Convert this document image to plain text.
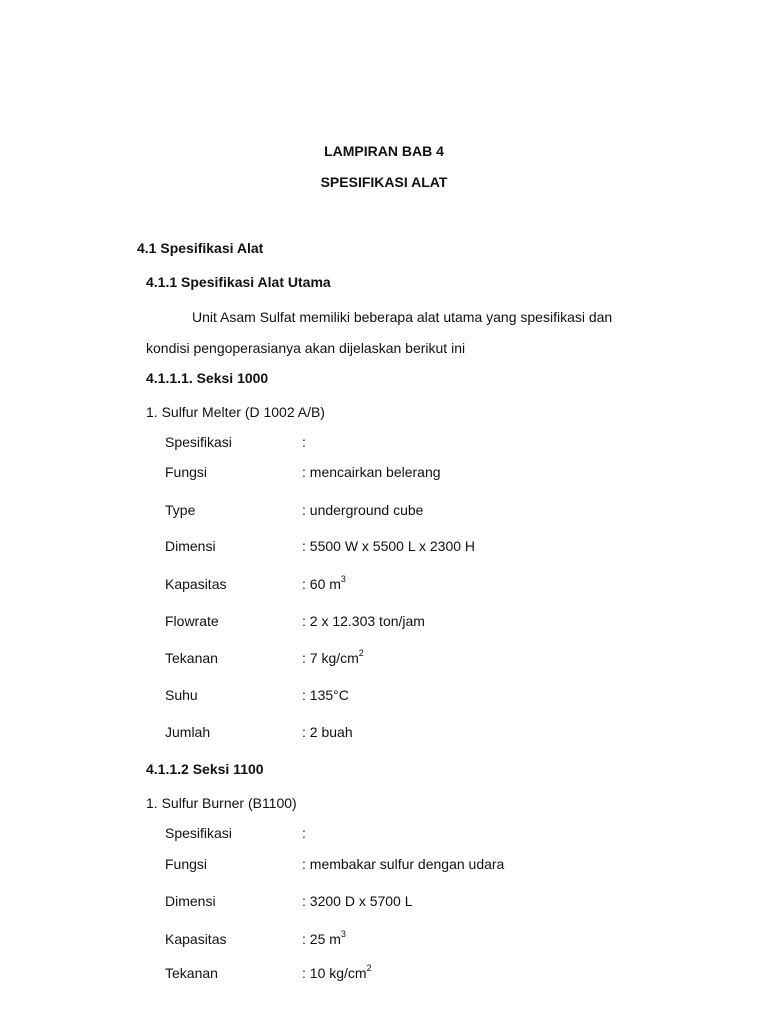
LAMPIRAN BAB 4
SPESIFIKASI ALAT
4.1 Spesifikasi Alat
4.1.1 Spesifikasi Alat Utama
Unit Asam Sulfat memiliki beberapa alat utama yang spesifikasi dan
kondisi pengoperasianya akan dijelaskan berikut ini
4.1.1.1. Seksi 1000
1. Sulfur Melter (D 1002 A/B)
Spesifikasi	:
Fungsi	: mencairkan belerang
Type	: underground cube
Dimensi	: 5500 W x 5500 L x 2300 H
Kapasitas	: 60 $m^3$
Flowrate	: 2 x 12.303 ton/jam
Tekanan	: 7 $kg/cm^2$
Suhu	: 135°C
Jumlah	: 2 buah
4.1.1.2 Seksi 1100
1. Sulfur Burner (B1100)
Spesifikasi	:
Fungsi	: membakar sulfur dengan udara
Dimensi	: 3200 D x 5700 L
Kapasitas	: 25 $m^3$
Tekanan	: 10 $kg/cm^2$
